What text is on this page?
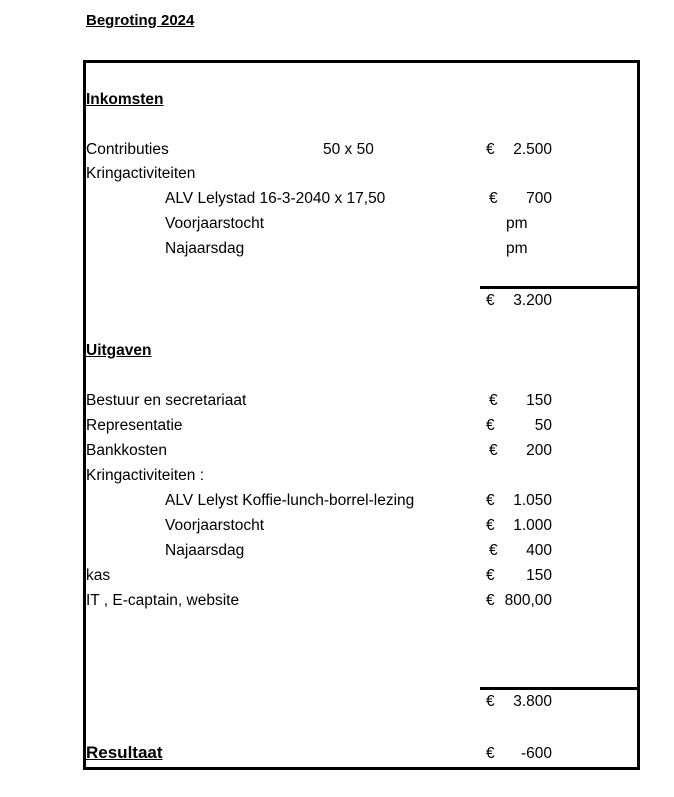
Begroting 2024
Inkomsten
Contributies	50 x 50	€	2.500
Kringactiviteiten
ALV Lelystad 16-3-2040 x 17,50	€	700
Voorjaarstocht	pm
Najaarsdag	pm
€	3.200
Uitgaven
Bestuur en secretariaat	€	150
Representatie	€	50
Bankkosten	€	200
Kringactiviteiten :
ALV Lelyst Koffie-lunch-borrel-lezing	€	1.050
Voorjaarstocht	€	1.000
Najaarsdag	€	400
kas	€	150
IT , E-captain, website	€ 800,00
€	3.800
Resultaat	€	-600
